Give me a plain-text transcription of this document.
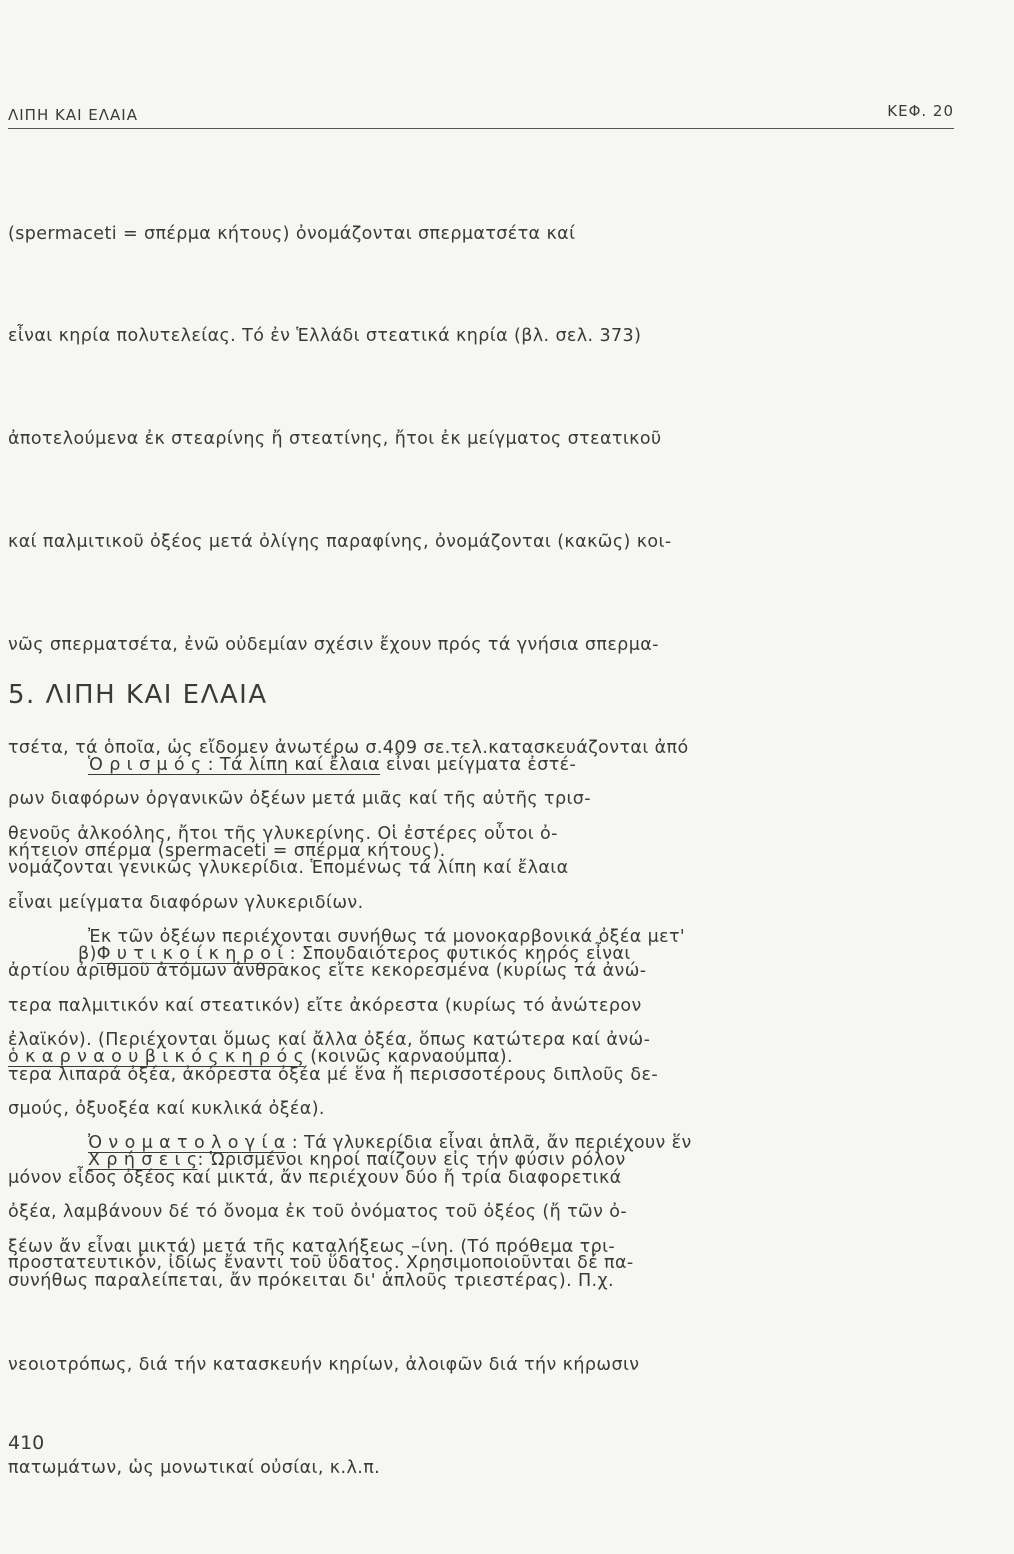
ΛΙΠΗ ΚΑΙ ΕΛΑΙΑ	ΚΕΦ. 20

(spermaceti = σπέρμα κήτους) ὀνομάζονται σπερματσέτα καί

εἶναι κηρία πολυτελείας. Τό ἐν Ἑλλάδι στεατικά κηρία (βλ. σελ. 373)

ἀποτελούμενα ἐκ στεαρίνης ἤ στεατίνης, ἤτοι ἐκ μείγματος στεατικοῦ

καί παλμιτικοῦ ὀξέος μετά ὀλίγης παραφίνης, ὀνομάζονται (κακῶς) κοι-

νῶς σπερματσέτα, ἐνῶ οὐδεμίαν σχέσιν ἔχουν πρός τά γνήσια σπερμα-

τσέτα, τά ὁποῖα, ὡς εἴδομεν ἀνωτέρω σ.409 σε.τελ.κατασκευάζονται ἀπό

κήτειον σπέρμα (spermaceti = σπέρμα κήτους).

β)Φ υ τ ι κ ο ί κ η ρ ο ί : Σπουδαιότερος φυτικός κηρός εἶναι

ὁ κ α ρ ν α ο υ β ι κ ό ς κ η ρ ό ς (κοινῶς καρναούμπα).

Χ ρ ή σ ε ι ς: Ὡρισμένοι κηροί παίζουν εἰς τήν φύσιν ρόλον

προστατευτικόν, ἰδίως ἔναντι τοῦ ὕδατος. Χρησιμοποιοῦνται δέ πα-

νεοιοτρόπως, διά τήν κατασκευήν κηρίων, ἀλοιφῶν διά τήν κήρωσιν

πατωμάτων, ὡς μονωτικαί οὐσίαι, κ.λ.π.

5. ΛΙΠΗ ΚΑΙ ΕΛΑΙΑ
Ὁ ρ ι σ μ ό ς : Τά λίπη καί ἔλαια εἶναι μείγματα ἐστέ-
ρων διαφόρων ὀργανικῶν ὀξέων μετά μιᾶς καί τῆς αὐτῆς τρισ-
θενοῦς ἀλκοόλης, ἤτοι τῆς γλυκερίνης. Οἱ ἐστέρες οὗτοι ὀ-
νομάζονται γενικῶς γλυκερίδια. Ἑπομένως τά λίπη καί ἔλαια
εἶναι μείγματα διαφόρων γλυκεριδίων.
Ἐκ τῶν ὀξέων περιέχονται συνήθως τά μονοκαρβονικά ὀξέα μετ'
ἀρτίου ἀριθμοῦ ἀτόμων ἀνθρακος εἴτε κεκορεσμένα (κυρίως τά ἀνώ-
τερα παλμιτικόν καί στεατικόν) εἴτε ἀκόρεστα (κυρίως τό ἀνώτερον
ἐλαϊκόν). (Περιέχονται ὅμως καί ἄλλα ὀξέα, ὅπως κατώτερα καί ἀνώ-
τερα λιπαρά ὀξέα, ἀκόρεστα ὀξέα μέ ἕνα ἤ περισσοτέρους διπλοῦς δε-
σμούς, ὀξυοξέα καί κυκλικά ὀξέα).
Ὀ ν ο μ α τ ο λ ο γ ί α : Τά γλυκερίδια εἶναι ἁπλᾶ, ἄν περιέχουν ἕν
μόνον εἶδος ὀξέος καί μικτά, ἄν περιέχουν δύο ἤ τρία διαφορετικά
ὀξέα, λαμβάνουν δέ τό ὄνομα ἐκ τοῦ ὀνόματος τοῦ ὀξέος (ἤ τῶν ὀ-
ξέων ἄν εἶναι μικτά) μετά τῆς καταλήξεως –ίνη. (Τό πρόθεμα τρι-
συνήθως παραλείπεται, ἄν πρόκειται δι' ἁπλοῦς τριεστέρας). Π.χ.
410
